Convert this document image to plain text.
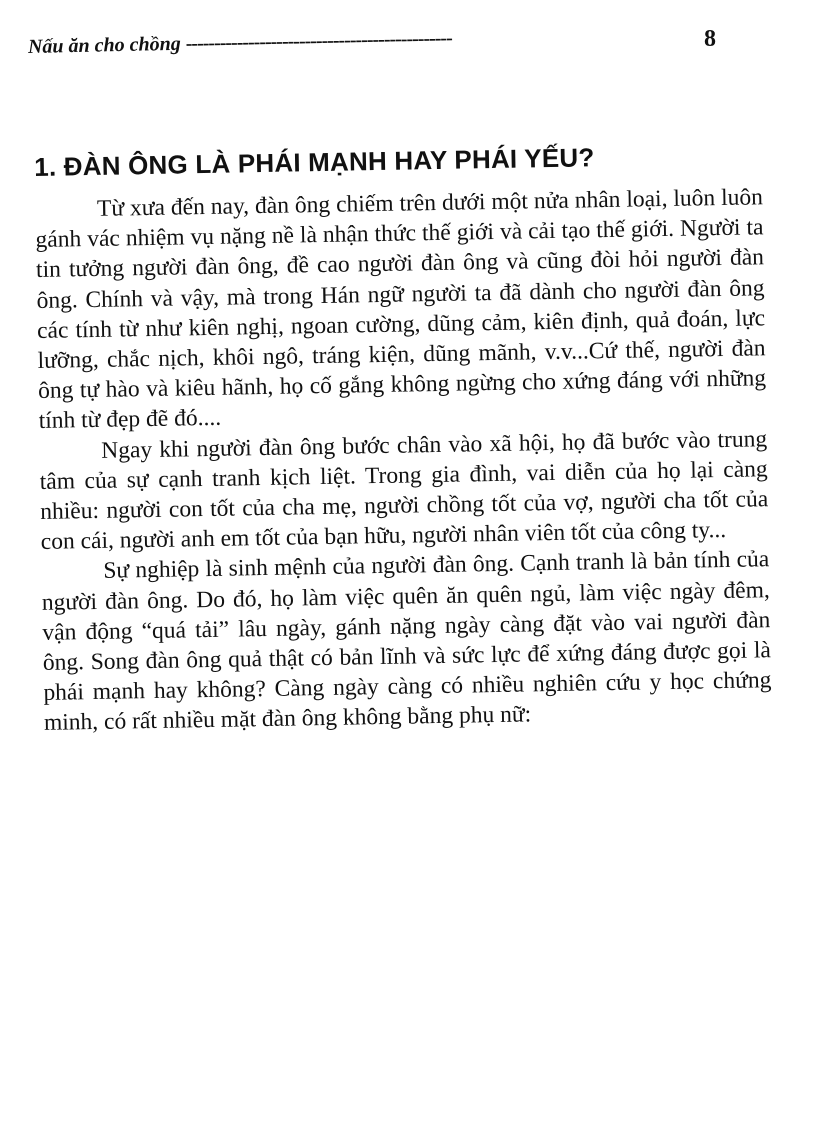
Nấu ăn cho chồng -----------------------------------------------	8
1. ĐÀN ÔNG LÀ PHÁI MẠNH HAY PHÁI YẾU?

Từ xưa đến nay, đàn ông chiếm trên dưới một nửa nhân loại, luôn luôn gánh vác nhiệm vụ nặng nề là nhận thức thế giới và cải tạo thế giới. Người ta tin tưởng người đàn ông, đề cao người đàn ông và cũng đòi hỏi người đàn ông. Chính và vậy, mà trong Hán ngữ người ta đã dành cho người đàn ông các tính từ như kiên nghị, ngoan cường, dũng cảm, kiên định, quả đoán, lực lưỡng, chắc nịch, khôi ngô, tráng kiện, dũng mãnh, v.v...Cứ thế, người đàn ông tự hào và kiêu hãnh, họ cố gắng không ngừng cho xứng đáng với những tính từ đẹp đẽ đó....

Ngay khi người đàn ông bước chân vào xã hội, họ đã bước vào trung tâm của sự cạnh tranh kịch liệt. Trong gia đình, vai diễn của họ lại càng nhiều: người con tốt của cha mẹ, người chồng tốt của vợ, người cha tốt của con cái, người anh em tốt của bạn hữu, người nhân viên tốt của công ty...

Sự nghiệp là sinh mệnh của người đàn ông. Cạnh tranh là bản tính của người đàn ông. Do đó, họ làm việc quên ăn quên ngủ, làm việc ngày đêm, vận động “quá tải” lâu ngày, gánh nặng ngày càng đặt vào vai người đàn ông. Song đàn ông quả thật có bản lĩnh và sức lực để xứng đáng được gọi là phái mạnh hay không? Càng ngày càng có nhiều nghiên cứu y học chứng minh, có rất nhiều mặt đàn ông không bằng phụ nữ:
